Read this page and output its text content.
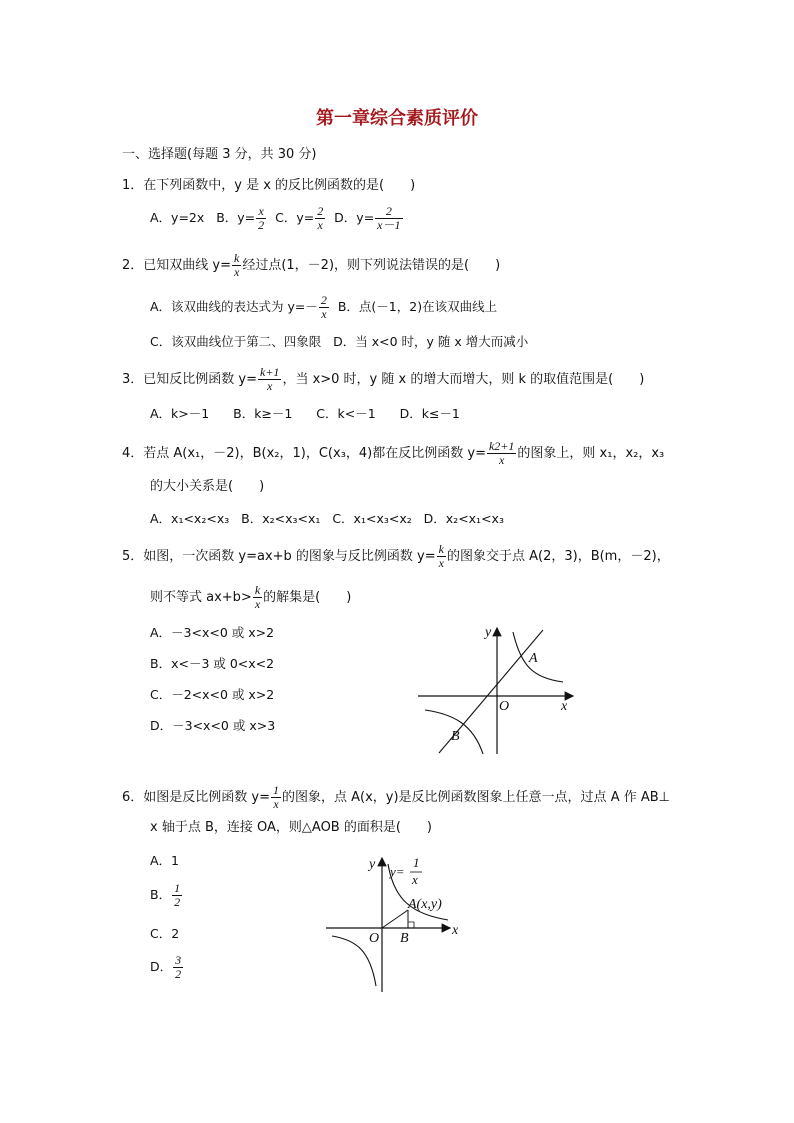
第一章综合素质评价
一、选择题(每题 3 分，共 30 分)
1．在下列函数中，y 是 x 的反比例函数的是(　　)
A．y=2x B．$y= \frac{x}{2}$ C．$y= \frac{2}{x}$ D．$y= \frac{2}{x-1}$
2．已知双曲线 $y= \frac{k}{x}$ 经过点(1，－2)，则下列说法错误的是(　　)
A．该双曲线的表达式为 $y=- \frac{2}{x}$ B．点(－1，2)在该双曲线上
C．该双曲线位于第二、四象限 D．当 x<0 时，y 随 x 增大而减小
3．已知反比例函数 $y= \frac{k+1}{x}$ ，当 x>0 时，y 随 x 的增大而增大，则 k 的取值范围是(　　)
A．k>－1 B．k≥－1 C．k<－1 D．k≤－1
4．若点 A(x₁，－2)，B(x₂，1)，C(x₃，4)都在反比例函数 $y= \frac{k2+1}{x}$ 的图象上，则 x₁，x₂，x₃
的大小关系是(　　)
A．x₁<x₂<x₃ B．x₂<x₃<x₁ C．x₁<x₃<x₂ D．x₂<x₁<x₃
5．如图，一次函数 y=ax+b 的图象与反比例函数 $y= \frac{k}{x}$ 的图象交于点 A(2，3)，B(m，－2)，
则不等式 $ax+b> \frac{k}{x}$ 的解集是(　　)
A．－3<x<0 或 x>2
B．x<－3 或 0<x<2
C．－2<x<0 或 x>2
D．－3<x<0 或 x>3
y
x
A
O
B
6．如图是反比例函数 $y= \frac{1}{x}$ 的图象，点 A(x，y)是反比例函数图象上任意一点，过点 A 作 AB⊥
x 轴于点 B，连接 OA，则△AOB 的面积是(　　)
A．1
B． $\frac{1}{2}$
C．2
D． $\frac{3}{2}$
y y=
1
x
A(x,y)
x
O B
